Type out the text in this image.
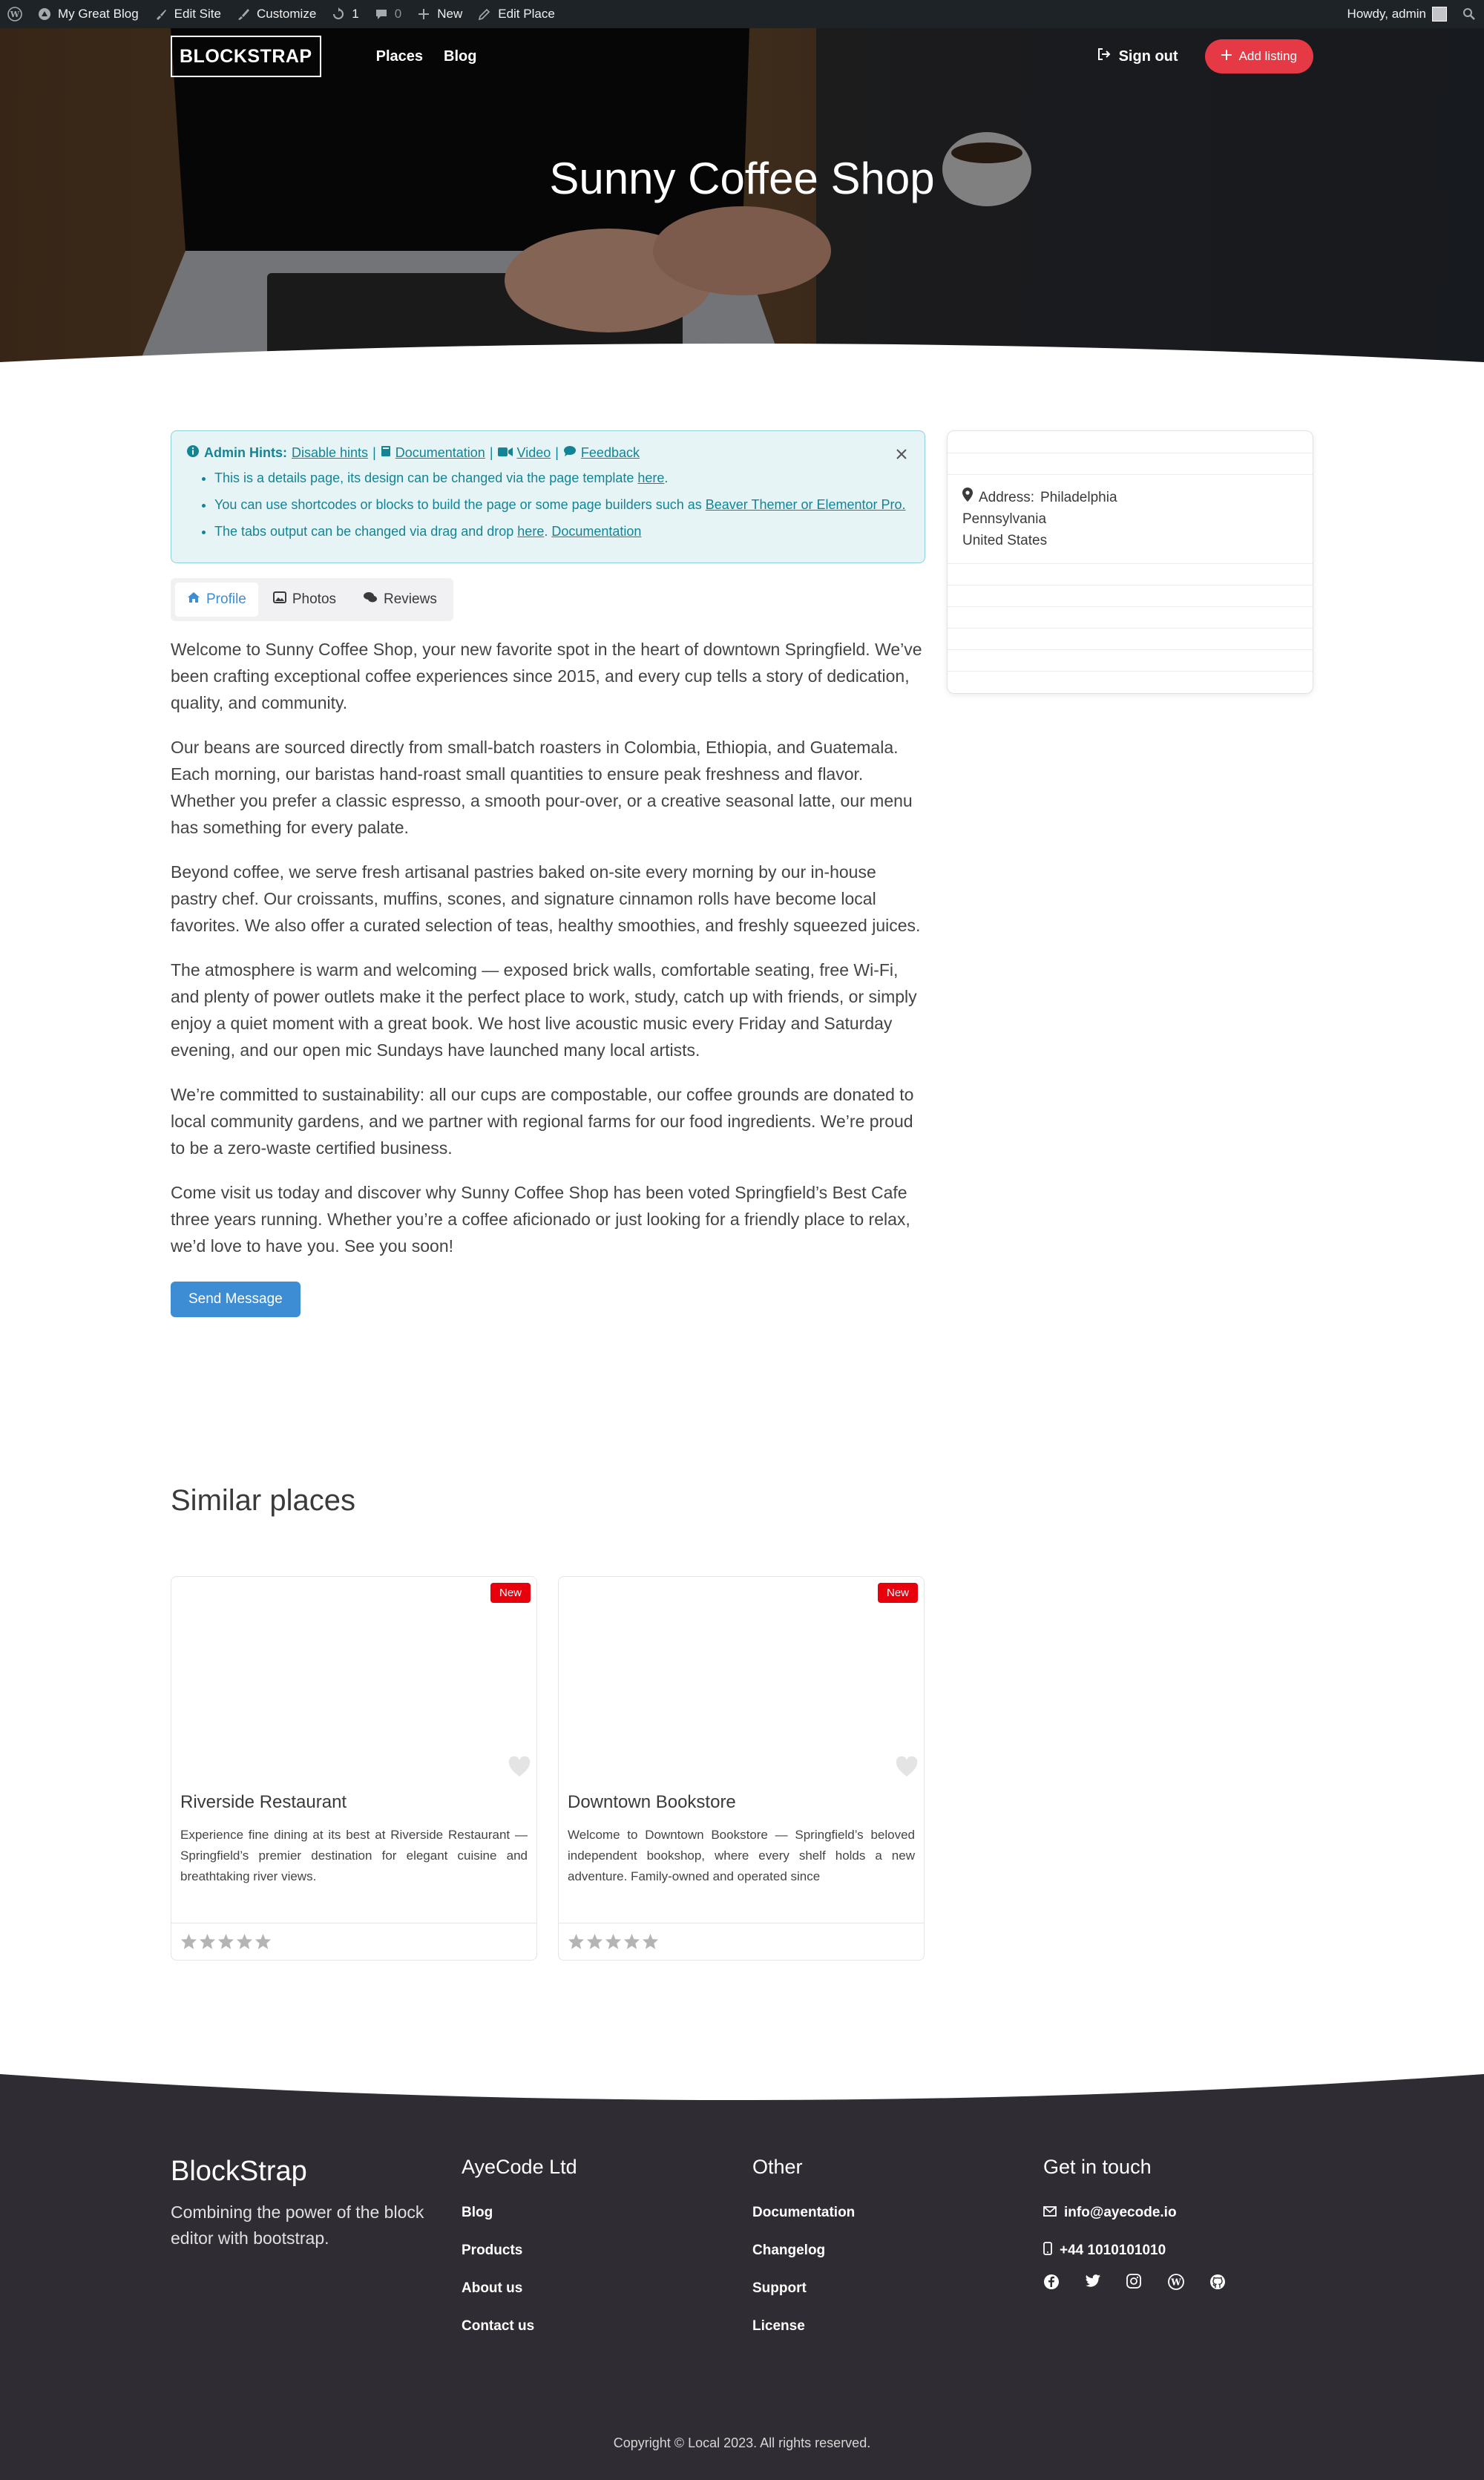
W	My Great Blog	Edit Site	Customize	1	0	New	Edit Place	Howdy, admin
BLOCKSTRAP	Places Blog	Sign out	Add listing
Sunny Coffee Shop
Admin Hints: Disable hints | Documentation | Video | Feedback
• This is a details page, its design can be changed via the page template here.
• You can use shortcodes or blocks to build the page or some page builders such as Beaver Themer or Elementor Pro.
• The tabs output can be changed via drag and drop here. Documentation
Profile	Photos	Reviews

Welcome to Sunny Coffee Shop, your new favorite spot in the heart of downtown Springfield. We’ve been crafting exceptional coffee experiences since 2015, and every cup tells a story of dedication, quality, and community.

Our beans are sourced directly from small-batch roasters in Colombia, Ethiopia, and Guatemala. Each morning, our baristas hand-roast small quantities to ensure peak freshness and flavor. Whether you prefer a classic espresso, a smooth pour-over, or a creative seasonal latte, our menu has something for every palate.

Beyond coffee, we serve fresh artisanal pastries baked on-site every morning by our in-house pastry chef. Our croissants, muffins, scones, and signature cinnamon rolls have become local favorites. We also offer a curated selection of teas, healthy smoothies, and freshly squeezed juices.

The atmosphere is warm and welcoming — exposed brick walls, comfortable seating, free Wi-Fi, and plenty of power outlets make it the perfect place to work, study, catch up with friends, or simply enjoy a quiet moment with a great book. We host live acoustic music every Friday and Saturday evening, and our open mic Sundays have launched many local artists.

We’re committed to sustainability: all our cups are compostable, our coffee grounds are donated to local community gardens, and we partner with regional farms for our food ingredients. We’re proud to be a zero-waste certified business.

Come visit us today and discover why Sunny Coffee Shop has been voted Springfield’s Best Cafe three years running. Whether you’re a coffee aficionado or just looking for a friendly place to relax, we’d love to have you. See you soon!

Send Message
Address: Philadelphia
Pennsylvania
United States
Similar places
New
Riverside Restaurant
Experience fine dining at its best at Riverside Restaurant — Springfield’s premier destination for elegant cuisine and breathtaking river views.
New
Downtown Bookstore
Welcome to Downtown Bookstore — Springfield’s beloved independent bookshop, where every shelf holds a new adventure. Family-owned and operated since
BlockStrap

Combining the power of the block editor with bootstrap.

AyeCode Ltd
Blog
Products
About us
Contact us
Other
Documentation
Changelog
Support
License
Get in touch
info@ayecode.io
+44 1010101010
W
Copyright © Local 2023. All rights reserved.
